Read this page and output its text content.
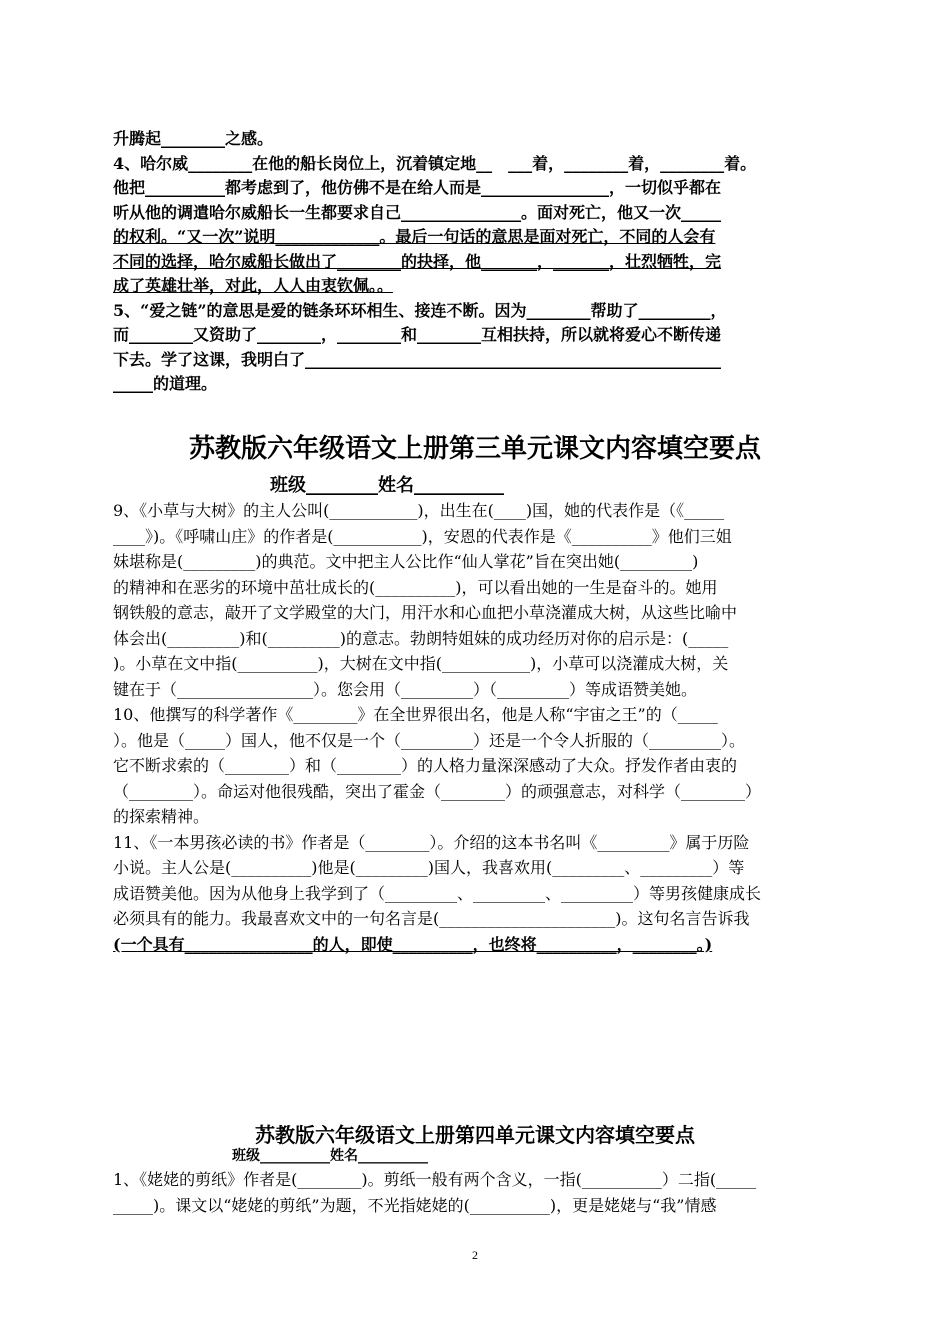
升腾起________之感。
4、哈尔威________在他的船长岗位上，沉着镇定地__　___着，________着，________着。
他把__________都考虑到了，他仿佛不是在给人而是________________，一切似乎都在
听从他的调遣哈尔威船长一生都要求自己_______________。面对死亡，他又一次_____
的权利。“又一次”说明_____________。最后一句话的意思是面对死亡，不同的人会有
不同的选择，哈尔威船长做出了________的抉择，他_______，_______，壮烈牺牲，完
成了英雄壮举，对此，人人由衷钦佩。。
5、“爱之链”的意思是爱的链条环环相生、接连不断。因为________帮助了_________，
而________又资助了________，________和________互相扶持，所以就将爱心不断传递
下去。学了这课，我明白了____________________________________________________
_____的道理。
苏教版六年级语文上册第三单元课文内容填空要点
班级________姓名__________
9、《小草与大树》的主人公叫(___________)，出生在(____)国，她的代表作是（《_____
____》)。《呼啸山庄》的作者是(___________)，安恩的代表作是《__________》他们三姐
妹堪称是(_________)的典范。文中把主人公比作“仙人掌花”旨在突出她(_________)
的精神和在恶劣的环境中茁壮成长的(__________)，可以看出她的一生是奋斗的。她用
钢铁般的意志，敲开了文学殿堂的大门，用汗水和心血把小草浇灌成大树，从这些比喻中
体会出(_________)和(_________)的意志。勃朗特姐妹的成功经历对你的启示是：(_____
)。小草在文中指(__________)，大树在文中指(___________)，小草可以浇灌成大树，关
键在于（_________________）。您会用（_________）（_________）等成语赞美她。
10、他撰写的科学著作《________》在全世界很出名，他是人称“宇宙之王”的（_____
）。他是（_____）国人，他不仅是一个（_________）还是一个令人折服的（_________）。
它不断求索的（________）和（________）的人格力量深深感动了大众。抒发作者由衷的
（________）。命运对他很残酷，突出了霍金（________）的顽强意志，对科学（________）
的探索精神。
11、《一本男孩必读的书》作者是（________）。介绍的这本书名叫《_________》属于历险
小说。主人公是(__________)他是(_________)国人，我喜欢用(_________、_________）等
成语赞美他。因为从他身上我学到了（_________、_________、_________）等男孩健康成长
必须具有的能力。我最喜欢文中的一句名言是(______________________)。这句名言告诉我
(一个具有________________的人，即使__________，也终将__________，________。)
苏教版六年级语文上册第四单元课文内容填空要点
班级__________姓名__________
1、《姥姥的剪纸》作者是(________)。剪纸一般有两个含义，一指(__________）二指(_____
_____)。课文以“姥姥的剪纸”为题，不光指姥姥的(__________)，更是姥姥与“我”情感
2
